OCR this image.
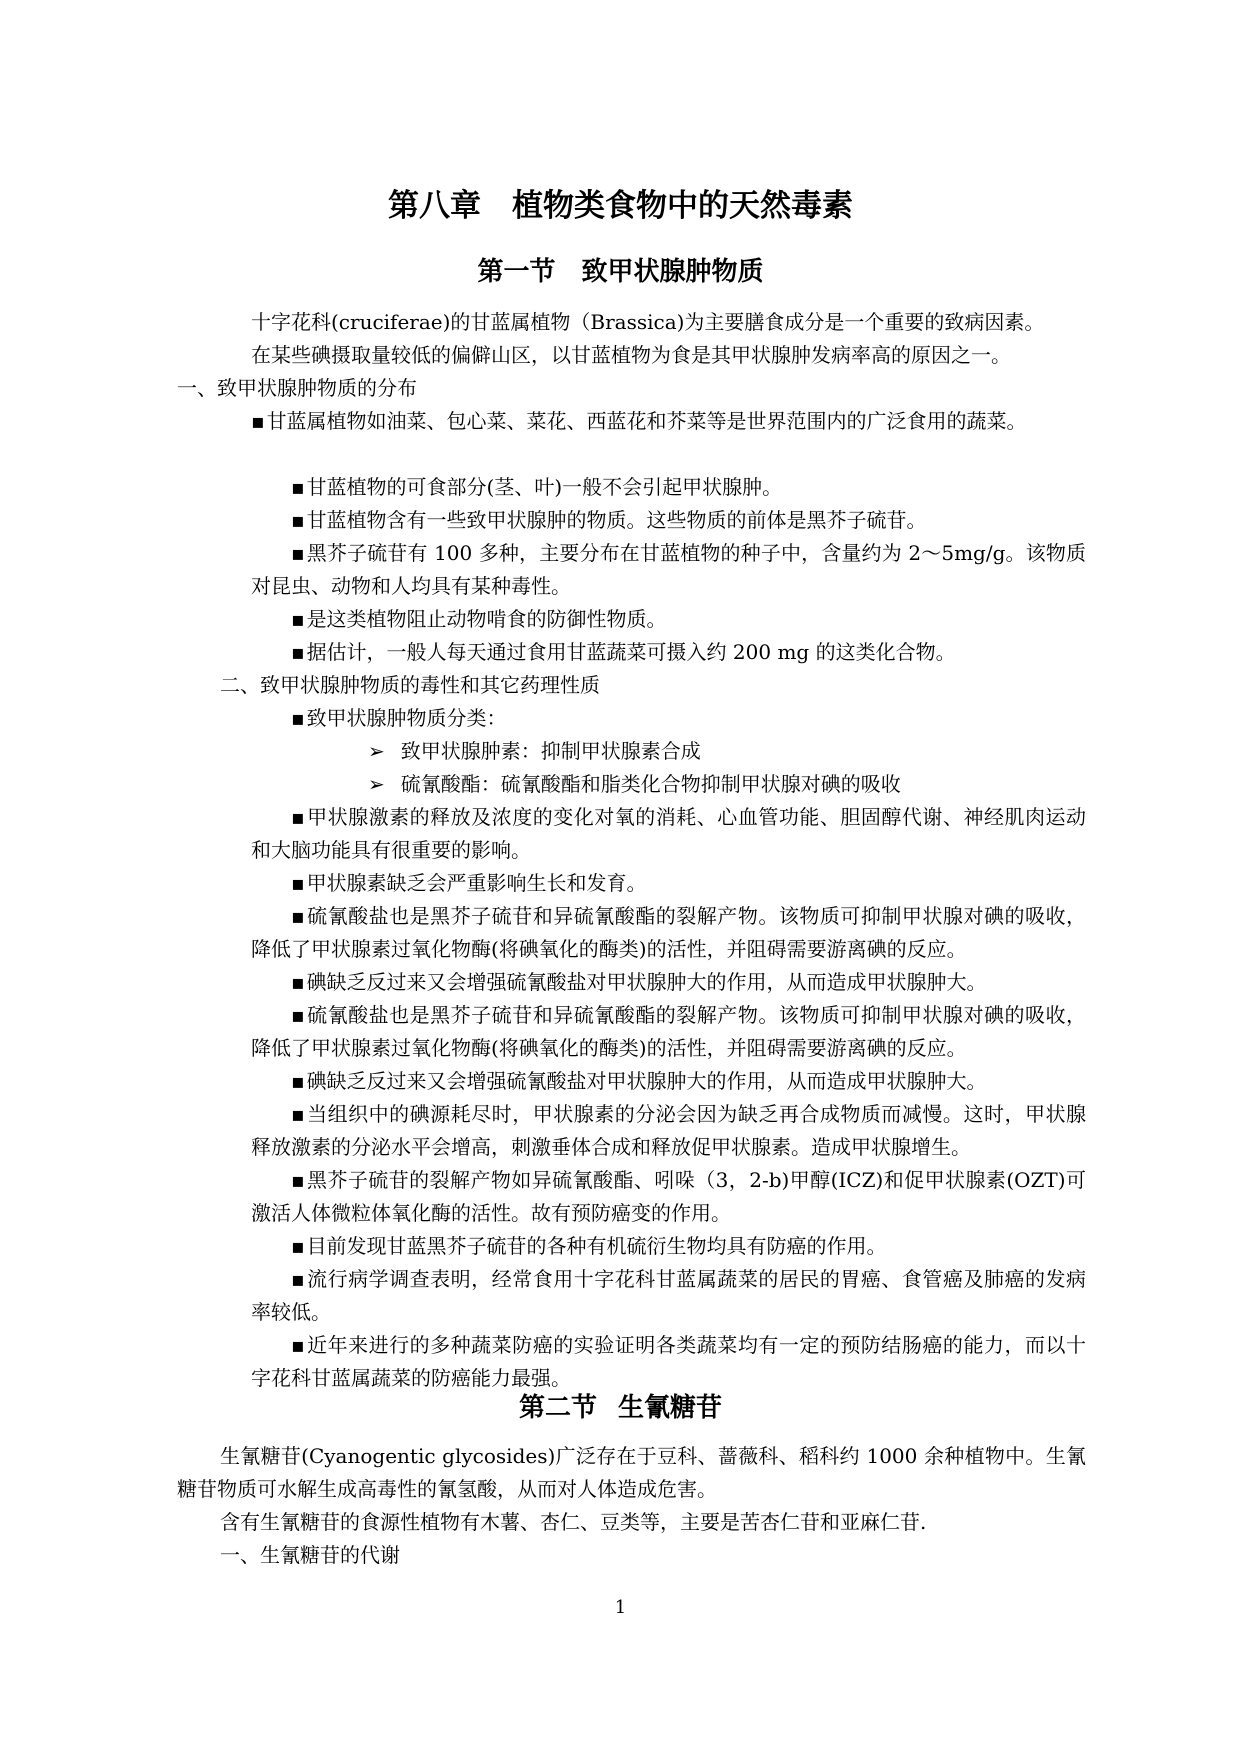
第八章　植物类食物中的天然毒素
第一节　致甲状腺肿物质

十字花科(cruciferae)的甘蓝属植物（Brassica)为主要膳食成分是一个重要的致病因素。

在某些碘摄取量较低的偏僻山区，以甘蓝植物为食是其甲状腺肿发病率高的原因之一。

一、致甲状腺肿物质的分布

▪ 甘蓝属植物如油菜、包心菜、菜花、西蓝花和芥菜等是世界范围内的广泛食用的蔬菜。

▪ 甘蓝植物的可食部分(茎、叶)一般不会引起甲状腺肿。

▪ 甘蓝植物含有一些致甲状腺肿的物质。这些物质的前体是黑芥子硫苷。

▪ 黑芥子硫苷有 100 多种，主要分布在甘蓝植物的种子中，含量约为 2～5mg/g。该物质对昆虫、动物和人均具有某种毒性。

▪ 是这类植物阻止动物啃食的防御性物质。

▪ 据估计，一般人每天通过食用甘蓝蔬菜可摄入约 200 mg 的这类化合物。

二、致甲状腺肿物质的毒性和其它药理性质

▪ 致甲状腺肿物质分类：

➢ 致甲状腺肿素：抑制甲状腺素合成

➢ 硫氰酸酯：硫氰酸酯和脂类化合物抑制甲状腺对碘的吸收

▪ 甲状腺激素的释放及浓度的变化对氧的消耗、心血管功能、胆固醇代谢、神经肌肉运动和大脑功能具有很重要的影响。

▪ 甲状腺素缺乏会严重影响生长和发育。

▪ 硫氰酸盐也是黑芥子硫苷和异硫氰酸酯的裂解产物。该物质可抑制甲状腺对碘的吸收，降低了甲状腺素过氧化物酶(将碘氧化的酶类)的活性，并阻碍需要游离碘的反应。

▪ 碘缺乏反过来又会增强硫氰酸盐对甲状腺肿大的作用，从而造成甲状腺肿大。

▪ 硫氰酸盐也是黑芥子硫苷和异硫氰酸酯的裂解产物。该物质可抑制甲状腺对碘的吸收，降低了甲状腺素过氧化物酶(将碘氧化的酶类)的活性，并阻碍需要游离碘的反应。

▪ 碘缺乏反过来又会增强硫氰酸盐对甲状腺肿大的作用，从而造成甲状腺肿大。

▪ 当组织中的碘源耗尽时，甲状腺素的分泌会因为缺乏再合成物质而减慢。这时，甲状腺释放激素的分泌水平会增高，刺激垂体合成和释放促甲状腺素。造成甲状腺增生。

▪ 黑芥子硫苷的裂解产物如异硫氰酸酯、吲哚（3，2-b)甲醇(ICZ)和促甲状腺素(OZT)可激活人体微粒体氧化酶的活性。故有预防癌变的作用。

▪ 目前发现甘蓝黑芥子硫苷的各种有机硫衍生物均具有防癌的作用。

▪ 流行病学调查表明，经常食用十字花科甘蓝属蔬菜的居民的胃癌、食管癌及肺癌的发病率较低。

▪ 近年来进行的多种蔬菜防癌的实验证明各类蔬菜均有一定的预防结肠癌的能力，而以十字花科甘蓝属蔬菜的防癌能力最强。

第二节 生氰糖苷

生氰糖苷(Cyanogentic glycosides)广泛存在于豆科、蔷薇科、稻科约 1000 余种植物中。生氰糖苷物质可水解生成高毒性的氰氢酸，从而对人体造成危害。

含有生氰糖苷的食源性植物有木薯、杏仁、豆类等，主要是苦杏仁苷和亚麻仁苷.

一、生氰糖苷的代谢

1
